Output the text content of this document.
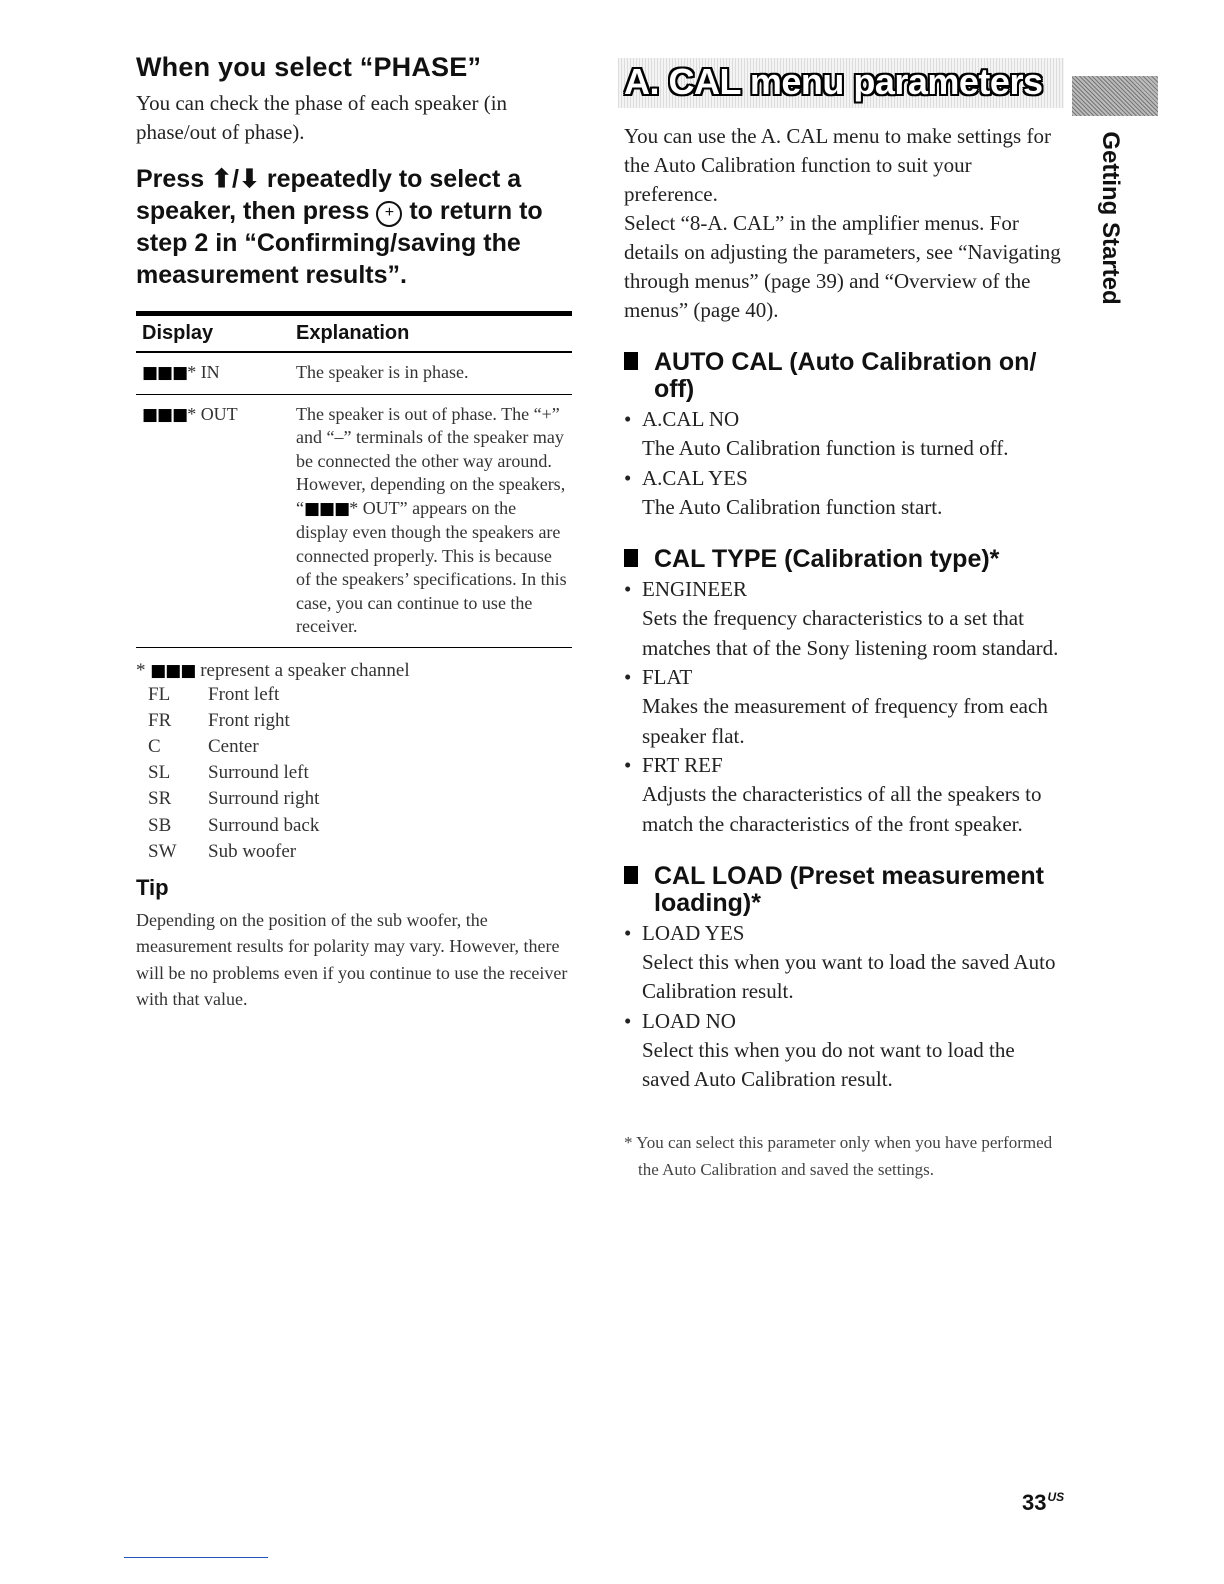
When you select “PHASE”

You can check the phase of each speaker (in phase/out of phase).

Press ⬆/⬇ repeatedly to select a speaker, then press + to return to step 2 in “Confirming/saving the measurement results”.

Display	Explanation
■■■* IN	The speaker is in phase.
■■■* OUT	The speaker is out of phase. The “+” and “–” terminals of the speaker may be connected the other way around. However, depending on the speakers, “■■■* OUT” appears on the display even though the speakers are connected properly. This is because of the speakers’ specifications. In this case, you can continue to use the receiver.

* ■■■ represent a speaker channel

FL	Front left
FR	Front right
C	Center
SL	Surround left
SR	Surround right
SB	Surround back
SW	Sub woofer
Tip

Depending on the position of the sub woofer, the measurement results for polarity may vary. However, there will be no problems even if you continue to use the receiver with that value.

A. CAL menu parameters

You can use the A. CAL menu to make settings for the Auto Calibration function to suit your preference.

Select “8-A. CAL” in the amplifier menus. For details on adjusting the parameters, see “Navigating through menus” (page 39) and “Overview of the menus” (page 40).

AUTO CAL (Auto Calibration on/ off)

• A.CAL NO

The Auto Calibration function is turned off.

• A.CAL YES

The Auto Calibration function start.

CAL TYPE (Calibration type)*

• ENGINEER

Sets the frequency characteristics to a set that matches that of the Sony listening room standard.

• FLAT

Makes the measurement of frequency from each speaker flat.

• FRT REF

Adjusts the characteristics of all the speakers to match the characteristics of the front speaker.

CAL LOAD (Preset measurement loading)*

• LOAD YES

Select this when you want to load the saved Auto Calibration result.

• LOAD NO

Select this when you do not want to load the saved Auto Calibration result.

* You can select this parameter only when you have performed the Auto Calibration and saved the settings.

Getting Started
$33^{US}$
